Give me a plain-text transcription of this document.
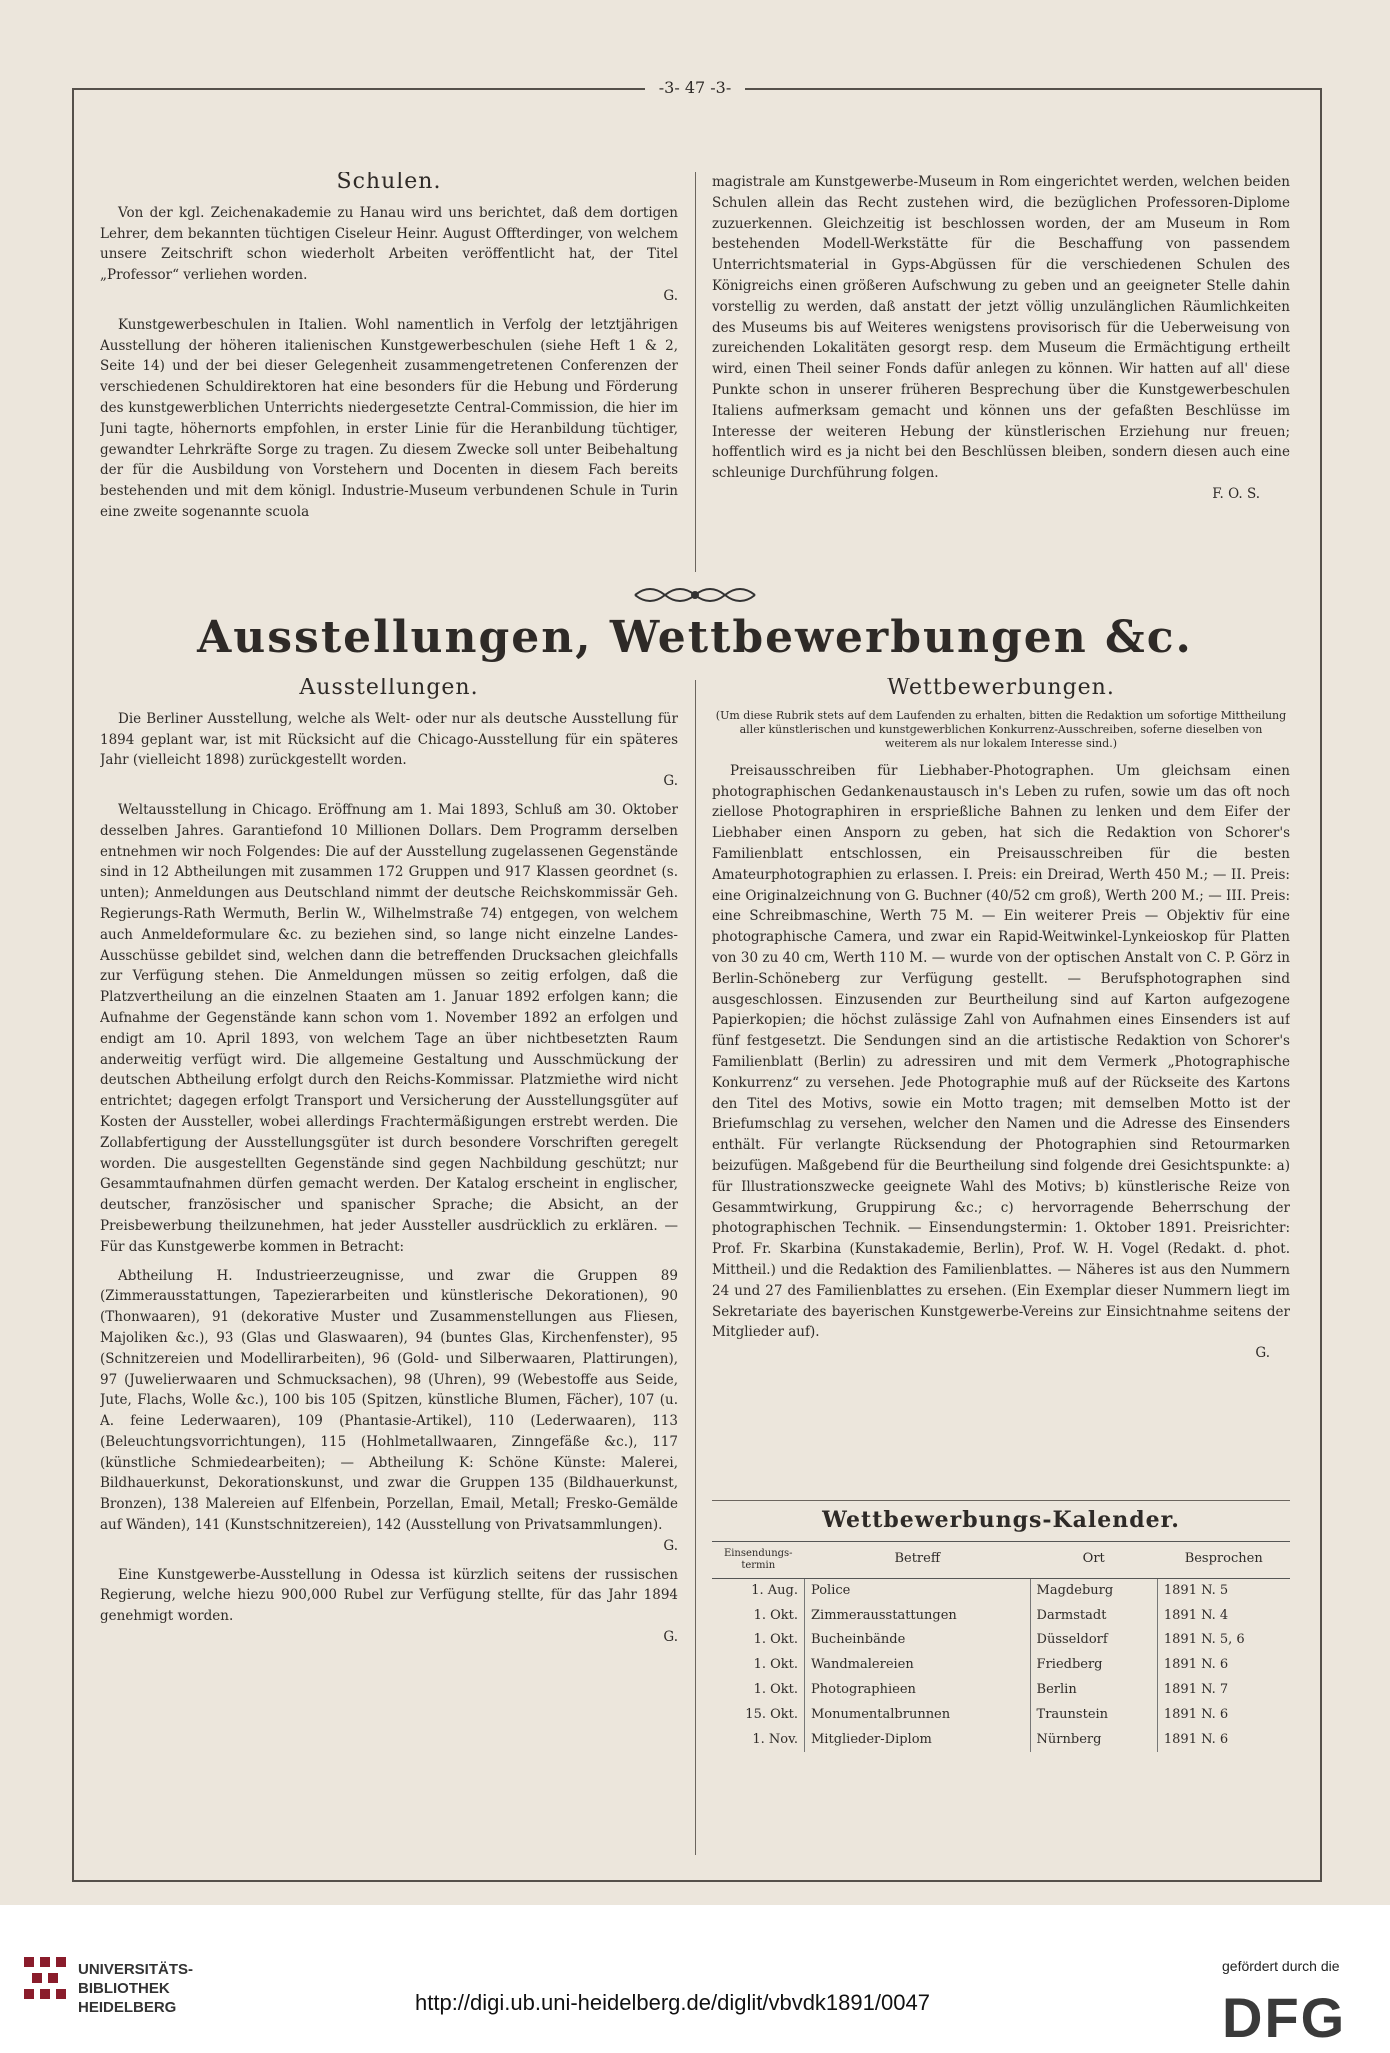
-3- 47 -3-
Schulen.

Von der kgl. Zeichenakademie zu Hanau wird uns berichtet, daß dem dortigen Lehrer, dem bekannten tüchtigen Ciseleur Heinr. August Offterdinger, von welchem unsere Zeitschrift schon wiederholt Arbeiten veröffentlicht hat, der Titel „Professor“ verliehen worden.

G.

Kunstgewerbeschulen in Italien. Wohl namentlich in Verfolg der letztjährigen Ausstellung der höheren italienischen Kunstgewerbeschulen (siehe Heft 1 & 2, Seite 14) und der bei dieser Gelegenheit zusammengetretenen Conferenzen der verschiedenen Schuldirektoren hat eine besonders für die Hebung und Förderung des kunstgewerblichen Unterrichts niedergesetzte Central-Commission, die hier im Juni tagte, höhernorts empfohlen, in erster Linie für die Heranbildung tüchtiger, gewandter Lehrkräfte Sorge zu tragen. Zu diesem Zwecke soll unter Beibehaltung der für die Ausbildung von Vorstehern und Docenten in diesem Fach bereits bestehenden und mit dem königl. Industrie-Museum verbundenen Schule in Turin eine zweite sogenannte scuola

magistrale am Kunstgewerbe-Museum in Rom eingerichtet werden, welchen beiden Schulen allein das Recht zustehen wird, die bezüglichen Professoren-Diplome zuzuerkennen. Gleichzeitig ist beschlossen worden, der am Museum in Rom bestehenden Modell-Werkstätte für die Beschaffung von passendem Unterrichtsmaterial in Gyps-Abgüssen für die verschiedenen Schulen des Königreichs einen größeren Aufschwung zu geben und an geeigneter Stelle dahin vorstellig zu werden, daß anstatt der jetzt völlig unzulänglichen Räumlichkeiten des Museums bis auf Weiteres wenigstens provisorisch für die Ueberweisung von zureichenden Lokalitäten gesorgt resp. dem Museum die Ermächtigung ertheilt wird, einen Theil seiner Fonds dafür anlegen zu können. Wir hatten auf all' diese Punkte schon in unserer früheren Besprechung über die Kunstgewerbeschulen Italiens aufmerksam gemacht und können uns der gefaßten Beschlüsse im Interesse der weiteren Hebung der künstlerischen Erziehung nur freuen; hoffentlich wird es ja nicht bei den Beschlüssen bleiben, sondern diesen auch eine schleunige Durchführung folgen.

F. O. S.
Ausstellungen, Wettbewerbungen &c.
Ausstellungen.

Die Berliner Ausstellung, welche als Welt- oder nur als deutsche Ausstellung für 1894 geplant war, ist mit Rücksicht auf die Chicago-Ausstellung für ein späteres Jahr (vielleicht 1898) zurückgestellt worden.

G.

Weltausstellung in Chicago. Eröffnung am 1. Mai 1893, Schluß am 30. Oktober desselben Jahres. Garantiefond 10 Millionen Dollars. Dem Programm derselben entnehmen wir noch Folgendes: Die auf der Ausstellung zugelassenen Gegenstände sind in 12 Abtheilungen mit zusammen 172 Gruppen und 917 Klassen geordnet (s. unten); Anmeldungen aus Deutschland nimmt der deutsche Reichskommissär Geh. Regierungs-Rath Wermuth, Berlin W., Wilhelmstraße 74) entgegen, von welchem auch Anmeldeformulare &c. zu beziehen sind, so lange nicht einzelne Landes-Ausschüsse gebildet sind, welchen dann die betreffenden Drucksachen gleichfalls zur Verfügung stehen. Die Anmeldungen müssen so zeitig erfolgen, daß die Platzvertheilung an die einzelnen Staaten am 1. Januar 1892 erfolgen kann; die Aufnahme der Gegenstände kann schon vom 1. November 1892 an erfolgen und endigt am 10. April 1893, von welchem Tage an über nichtbesetzten Raum anderweitig verfügt wird. Die allgemeine Gestaltung und Ausschmückung der deutschen Abtheilung erfolgt durch den Reichs-Kommissar. Platzmiethe wird nicht entrichtet; dagegen erfolgt Transport und Versicherung der Ausstellungsgüter auf Kosten der Aussteller, wobei allerdings Frachtermäßigungen erstrebt werden. Die Zollabfertigung der Ausstellungsgüter ist durch besondere Vorschriften geregelt worden. Die ausgestellten Gegenstände sind gegen Nachbildung geschützt; nur Gesammtaufnahmen dürfen gemacht werden. Der Katalog erscheint in englischer, deutscher, französischer und spanischer Sprache; die Absicht, an der Preisbewerbung theilzunehmen, hat jeder Aussteller ausdrücklich zu erklären. — Für das Kunstgewerbe kommen in Betracht:

Abtheilung H. Industrieerzeugnisse, und zwar die Gruppen 89 (Zimmerausstattungen, Tapezierarbeiten und künstlerische Dekorationen), 90 (Thonwaaren), 91 (dekorative Muster und Zusammenstellungen aus Fliesen, Majoliken &c.), 93 (Glas und Glaswaaren), 94 (buntes Glas, Kirchenfenster), 95 (Schnitzereien und Modellirarbeiten), 96 (Gold- und Silberwaaren, Plattirungen), 97 (Juwelierwaaren und Schmucksachen), 98 (Uhren), 99 (Webestoffe aus Seide, Jute, Flachs, Wolle &c.), 100 bis 105 (Spitzen, künstliche Blumen, Fächer), 107 (u. A. feine Lederwaaren), 109 (Phantasie-Artikel), 110 (Lederwaaren), 113 (Beleuchtungsvorrichtungen), 115 (Hohlmetallwaaren, Zinngefäße &c.), 117 (künstliche Schmiedearbeiten); — Abtheilung K: Schöne Künste: Malerei, Bildhauerkunst, Dekorationskunst, und zwar die Gruppen 135 (Bildhauerkunst, Bronzen), 138 Malereien auf Elfenbein, Porzellan, Email, Metall; Fresko-Gemälde auf Wänden), 141 (Kunstschnitzereien), 142 (Ausstellung von Privatsammlungen).

G.

Eine Kunstgewerbe-Ausstellung in Odessa ist kürzlich seitens der russischen Regierung, welche hiezu 900,000 Rubel zur Verfügung stellte, für das Jahr 1894 genehmigt worden.

G.
Wettbewerbungen.
(Um diese Rubrik stets auf dem Laufenden zu erhalten, bitten die Redaktion um sofortige Mittheilung aller künstlerischen und kunstgewerblichen Konkurrenz-Ausschreiben, soferne dieselben von weiterem als nur lokalem Interesse sind.)

Preisausschreiben für Liebhaber-Photographen. Um gleichsam einen photographischen Gedankenaustausch in's Leben zu rufen, sowie um das oft noch ziellose Photographiren in ersprießliche Bahnen zu lenken und dem Eifer der Liebhaber einen Ansporn zu geben, hat sich die Redaktion von Schorer's Familienblatt entschlossen, ein Preisausschreiben für die besten Amateurphotographien zu erlassen. I. Preis: ein Dreirad, Werth 450 M.; — II. Preis: eine Originalzeichnung von G. Buchner (40/52 cm groß), Werth 200 M.; — III. Preis: eine Schreibmaschine, Werth 75 M. — Ein weiterer Preis — Objektiv für eine photographische Camera, und zwar ein Rapid-Weitwinkel-Lynkeioskop für Platten von 30 zu 40 cm, Werth 110 M. — wurde von der optischen Anstalt von C. P. Görz in Berlin-Schöneberg zur Verfügung gestellt. — Berufsphotographen sind ausgeschlossen. Einzusenden zur Beurtheilung sind auf Karton aufgezogene Papierkopien; die höchst zulässige Zahl von Aufnahmen eines Einsenders ist auf fünf festgesetzt. Die Sendungen sind an die artistische Redaktion von Schorer's Familienblatt (Berlin) zu adressiren und mit dem Vermerk „Photographische Konkurrenz“ zu versehen. Jede Photographie muß auf der Rückseite des Kartons den Titel des Motivs, sowie ein Motto tragen; mit demselben Motto ist der Briefumschlag zu versehen, welcher den Namen und die Adresse des Einsenders enthält. Für verlangte Rücksendung der Photographien sind Retourmarken beizufügen. Maßgebend für die Beurtheilung sind folgende drei Gesichtspunkte: a) für Illustrationszwecke geeignete Wahl des Motivs; b) künstlerische Reize von Gesammtwirkung, Gruppirung &c.; c) hervorragende Beherrschung der photographischen Technik. — Einsendungstermin: 1. Oktober 1891. Preisrichter: Prof. Fr. Skarbina (Kunstakademie, Berlin), Prof. W. H. Vogel (Redakt. d. phot. Mittheil.) und die Redaktion des Familienblattes. — Näheres ist aus den Nummern 24 und 27 des Familienblattes zu ersehen. (Ein Exemplar dieser Nummern liegt im Sekretariate des bayerischen Kunstgewerbe-Vereins zur Einsichtnahme seitens der Mitglieder auf).

G.
Wettbewerbungs-Kalender.
Einsendungs-termin	Betreff	Ort	Besprochen
1. Aug.	Police	Magdeburg	1891 N. 5
1. Okt.	Zimmerausstattungen	Darmstadt	1891 N. 4
1. Okt.	Bucheinbände	Düsseldorf	1891 N. 5, 6
1. Okt.	Wandmalereien	Friedberg	1891 N. 6
1. Okt.	Photographieen	Berlin	1891 N. 7
15. Okt.	Monumentalbrunnen	Traunstein	1891 N. 6
1. Nov.	Mitglieder-Diplom	Nürnberg	1891 N. 6
UNIVERSITÄTS-
BIBLIOTHEK
HEIDELBERG	http://digi.ub.uni-heidelberg.de/diglit/vbvdk1891/0047
gefördert durch die
DFG
